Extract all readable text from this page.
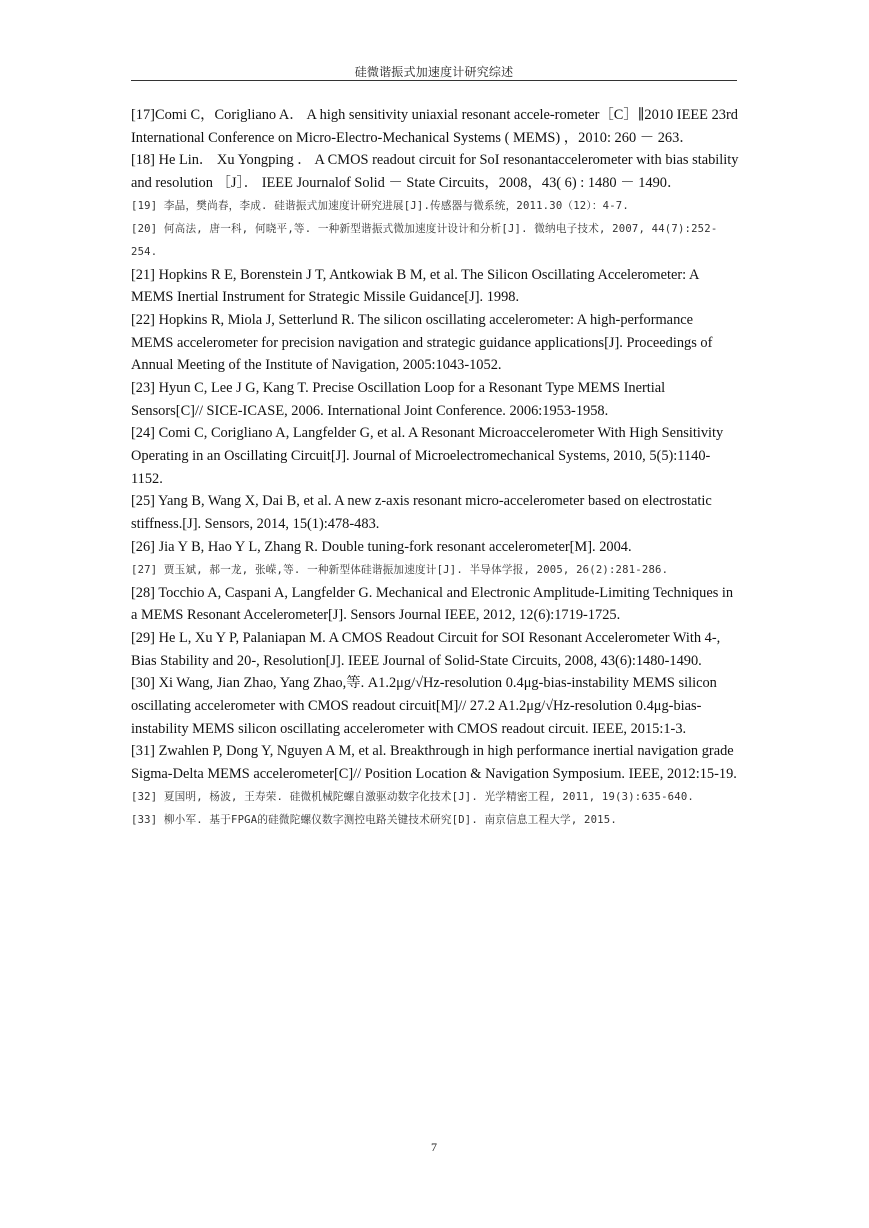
硅微谐振式加速度计研究综述

[17]Comi C，Corigliano A． A high sensitivity uniaxial resonant accele-rometer［C］∥2010 IEEE 23rd International Conference on Micro-Electro-Mechanical Systems ( MEMS) ，2010: 260 － 263．

[18] He Lin． Xu Yongping ． A CMOS readout circuit for SoI resonantaccelerometer with bias stability and resolution ［J］． IEEE Journalof Solid － State Circuits，2008，43( 6) : 1480 － 1490．

[19] 李晶，樊尚春，李成. 硅谐振式加速度计研究进展[J].传感器与微系统，2011.30（12）：4-7.

[20] 何高法, 唐一科, 何晓平,等. 一种新型谐振式微加速度计设计和分析[J]. 微纳电子技术, 2007, 44(7):252-254.

[21] Hopkins R E, Borenstein J T, Antkowiak B M, et al. The Silicon Oscillating Accelerometer: A MEMS Inertial Instrument for Strategic Missile Guidance[J]. 1998.

[22] Hopkins R, Miola J, Setterlund R. The silicon oscillating accelerometer: A high-performance MEMS accelerometer for precision navigation and strategic guidance applications[J]. Proceedings of Annual Meeting of the Institute of Navigation, 2005:1043-1052.

[23] Hyun C, Lee J G, Kang T. Precise Oscillation Loop for a Resonant Type MEMS Inertial Sensors[C]// SICE-ICASE, 2006. International Joint Conference. 2006:1953-1958.

[24] Comi C, Corigliano A, Langfelder G, et al. A Resonant Microaccelerometer With High Sensitivity Operating in an Oscillating Circuit[J]. Journal of Microelectromechanical Systems, 2010, 5(5):1140-1152.

[25] Yang B, Wang X, Dai B, et al. A new z-axis resonant micro-accelerometer based on electrostatic stiffness.[J]. Sensors, 2014, 15(1):478-483.

[26] Jia Y B, Hao Y L, Zhang R. Double tuning-fork resonant accelerometer[M]. 2004.

[27] 贾玉斌, 郝一龙, 张嵘,等. 一种新型体硅谐振加速度计[J]. 半导体学报, 2005, 26(2):281-286.

[28] Tocchio A, Caspani A, Langfelder G. Mechanical and Electronic Amplitude-Limiting Techniques in a MEMS Resonant Accelerometer[J]. Sensors Journal IEEE, 2012, 12(6):1719-1725.

[29] He L, Xu Y P, Palaniapan M. A CMOS Readout Circuit for SOI Resonant Accelerometer With 4-, Bias Stability and 20-, Resolution[J]. IEEE Journal of Solid-State Circuits, 2008, 43(6):1480-1490.

[30] Xi Wang, Jian Zhao, Yang Zhao,等. A1.2μg/√Hz-resolution 0.4μg-bias-instability MEMS silicon oscillating accelerometer with CMOS readout circuit[M]// 27.2 A1.2μg/√Hz-resolution 0.4μg-bias-instability MEMS silicon oscillating accelerometer with CMOS readout circuit. IEEE, 2015:1-3.

[31] Zwahlen P, Dong Y, Nguyen A M, et al. Breakthrough in high performance inertial navigation grade Sigma-Delta MEMS accelerometer[C]// Position Location & Navigation Symposium. IEEE, 2012:15-19.

[32] 夏国明, 杨波, 王寿荣. 硅微机械陀螺自激驱动数字化技术[J]. 光学精密工程, 2011, 19(3):635-640.

[33] 柳小军. 基于FPGA的硅微陀螺仪数字测控电路关键技术研究[D]. 南京信息工程大学, 2015.

7
